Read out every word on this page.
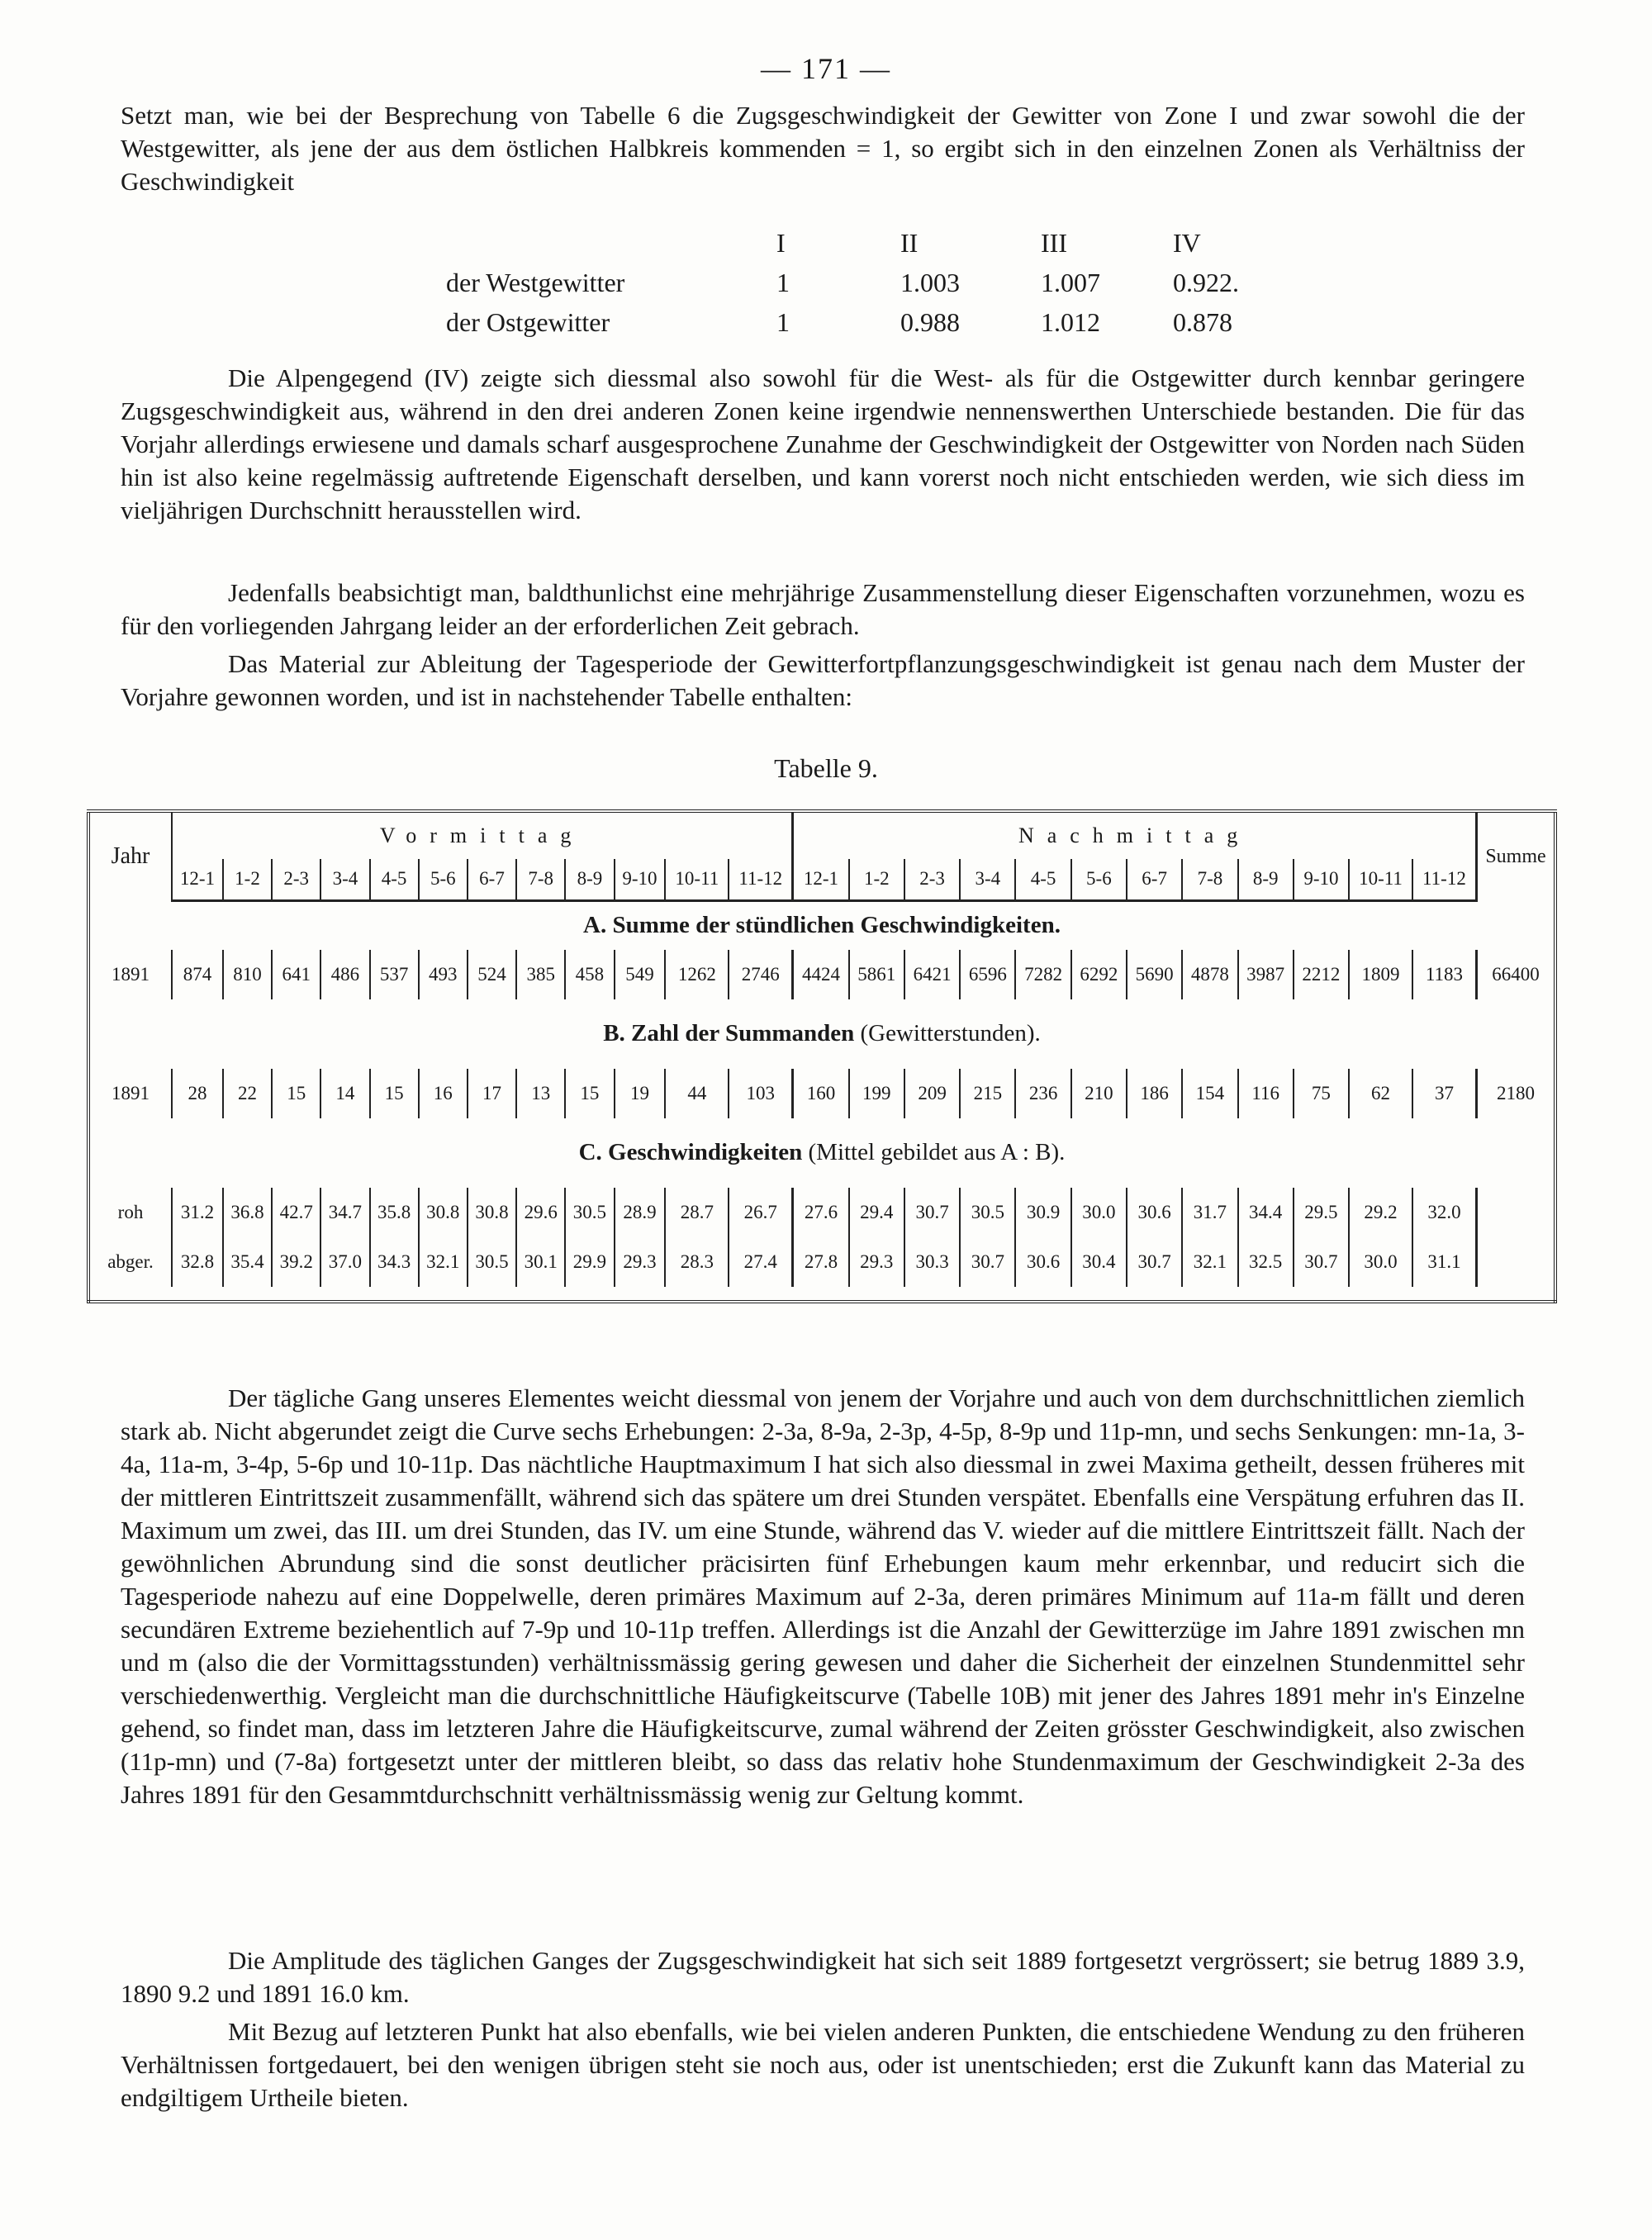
— 171 —
Setzt man, wie bei der Besprechung von Tabelle 6 die Zugsgeschwindigkeit der Gewitter von Zone I und zwar sowohl die der Westgewitter, als jene der aus dem östlichen Halbkreis kommenden = 1, so ergibt sich in den einzelnen Zonen als Verhältniss der Geschwindigkeit
	I	II	III	IV
der Westgewitter	1	1.003	1.007	0.922.
der Ostgewitter	1	0.988	1.012	0.878
Die Alpengegend (IV) zeigte sich diessmal also sowohl für die West- als für die Ostgewitter durch kennbar geringere Zugsgeschwindigkeit aus, während in den drei anderen Zonen keine irgendwie nennenswerthen Unterschiede bestanden. Die für das Vorjahr allerdings erwiesene und damals scharf ausgesprochene Zunahme der Geschwindigkeit der Ostgewitter von Norden nach Süden hin ist also keine regelmässig auftretende Eigenschaft derselben, und kann vorerst noch nicht entschieden werden, wie sich diess im vieljährigen Durchschnitt herausstellen wird.
Jedenfalls beabsichtigt man, baldthunlichst eine mehrjährige Zusammenstellung dieser Eigenschaften vorzunehmen, wozu es für den vorliegenden Jahrgang leider an der erforderlichen Zeit gebrach.
Das Material zur Ableitung der Tagesperiode der Gewitterfortpflanzungsgeschwindigkeit ist genau nach dem Muster der Vorjahre gewonnen worden, und ist in nachstehender Tabelle enthalten:
Tabelle 9.
Jahr	Vormittag												Nachmittag												Summe
	12-1	1-2	2-3	3-4	4-5	5-6	6-7	7-8	8-9	9-10	10-11	11-12	12-1	1-2	2-3	3-4	4-5	5-6	6-7	7-8	8-9	9-10	10-11	11-12	
A. Summe der stündlichen Geschwindigkeiten.																									
1891	874	810	641	486	537	493	524	385	458	549	1262	2746	4424	5861	6421	6596	7282	6292	5690	4878	3987	2212	1809	1183	66400
B. Zahl der Summanden (Gewitterstunden).																									
1891	28	22	15	14	15	16	17	13	15	19	44	103	160	199	209	215	236	210	186	154	116	75	62	37	2180
C. Geschwindigkeiten (Mittel gebildet aus A : B).																									
roh	31.2	36.8	42.7	34.7	35.8	30.8	30.8	29.6	30.5	28.9	28.7	26.7	27.6	29.4	30.7	30.5	30.9	30.0	30.6	31.7	34.4	29.5	29.2	32.0	
abger.	32.8	35.4	39.2	37.0	34.3	32.1	30.5	30.1	29.9	29.3	28.3	27.4	27.8	29.3	30.3	30.7	30.6	30.4	30.7	32.1	32.5	30.7	30.0	31.1	

Der tägliche Gang unseres Elementes weicht diessmal von jenem der Vorjahre und auch von dem durchschnittlichen ziemlich stark ab. Nicht abgerundet zeigt die Curve sechs Erhebungen: 2-3a, 8-9a, 2-3p, 4-5p, 8-9p und 11p-mn, und sechs Senkungen: mn-1a, 3-4a, 11a-m, 3-4p, 5-6p und 10-11p. Das nächtliche Hauptmaximum I hat sich also diessmal in zwei Maxima getheilt, dessen früheres mit der mittleren Eintrittszeit zusammenfällt, während sich das spätere um drei Stunden verspätet. Ebenfalls eine Verspätung erfuhren das II. Maximum um zwei, das III. um drei Stunden, das IV. um eine Stunde, während das V. wieder auf die mittlere Eintrittszeit fällt. Nach der gewöhnlichen Abrundung sind die sonst deutlicher präcisirten fünf Erhebungen kaum mehr erkennbar, und reducirt sich die Tagesperiode nahezu auf eine Doppelwelle, deren primäres Maximum auf 2-3a, deren primäres Minimum auf 11a-m fällt und deren secundären Extreme beziehentlich auf 7-9p und 10-11p treffen. Allerdings ist die Anzahl der Gewitterzüge im Jahre 1891 zwischen mn und m (also die der Vormittagsstunden) verhältnissmässig gering gewesen und daher die Sicherheit der einzelnen Stundenmittel sehr verschiedenwerthig. Vergleicht man die durchschnittliche Häufigkeitscurve (Tabelle 10B) mit jener des Jahres 1891 mehr in's Einzelne gehend, so findet man, dass im letzteren Jahre die Häufigkeitscurve, zumal während der Zeiten grösster Geschwindigkeit, also zwischen (11p-mn) und (7-8a) fortgesetzt unter der mittleren bleibt, so dass das relativ hohe Stundenmaximum der Geschwindigkeit 2-3a des Jahres 1891 für den Gesammtdurchschnitt verhältnissmässig wenig zur Geltung kommt.
Die Amplitude des täglichen Ganges der Zugsgeschwindigkeit hat sich seit 1889 fortgesetzt vergrössert; sie betrug 1889 3.9, 1890 9.2 und 1891 16.0 km.
Mit Bezug auf letzteren Punkt hat also ebenfalls, wie bei vielen anderen Punkten, die entschiedene Wendung zu den früheren Verhältnissen fortgedauert, bei den wenigen übrigen steht sie noch aus, oder ist unentschieden; erst die Zukunft kann das Material zu endgiltigem Urtheile bieten.
